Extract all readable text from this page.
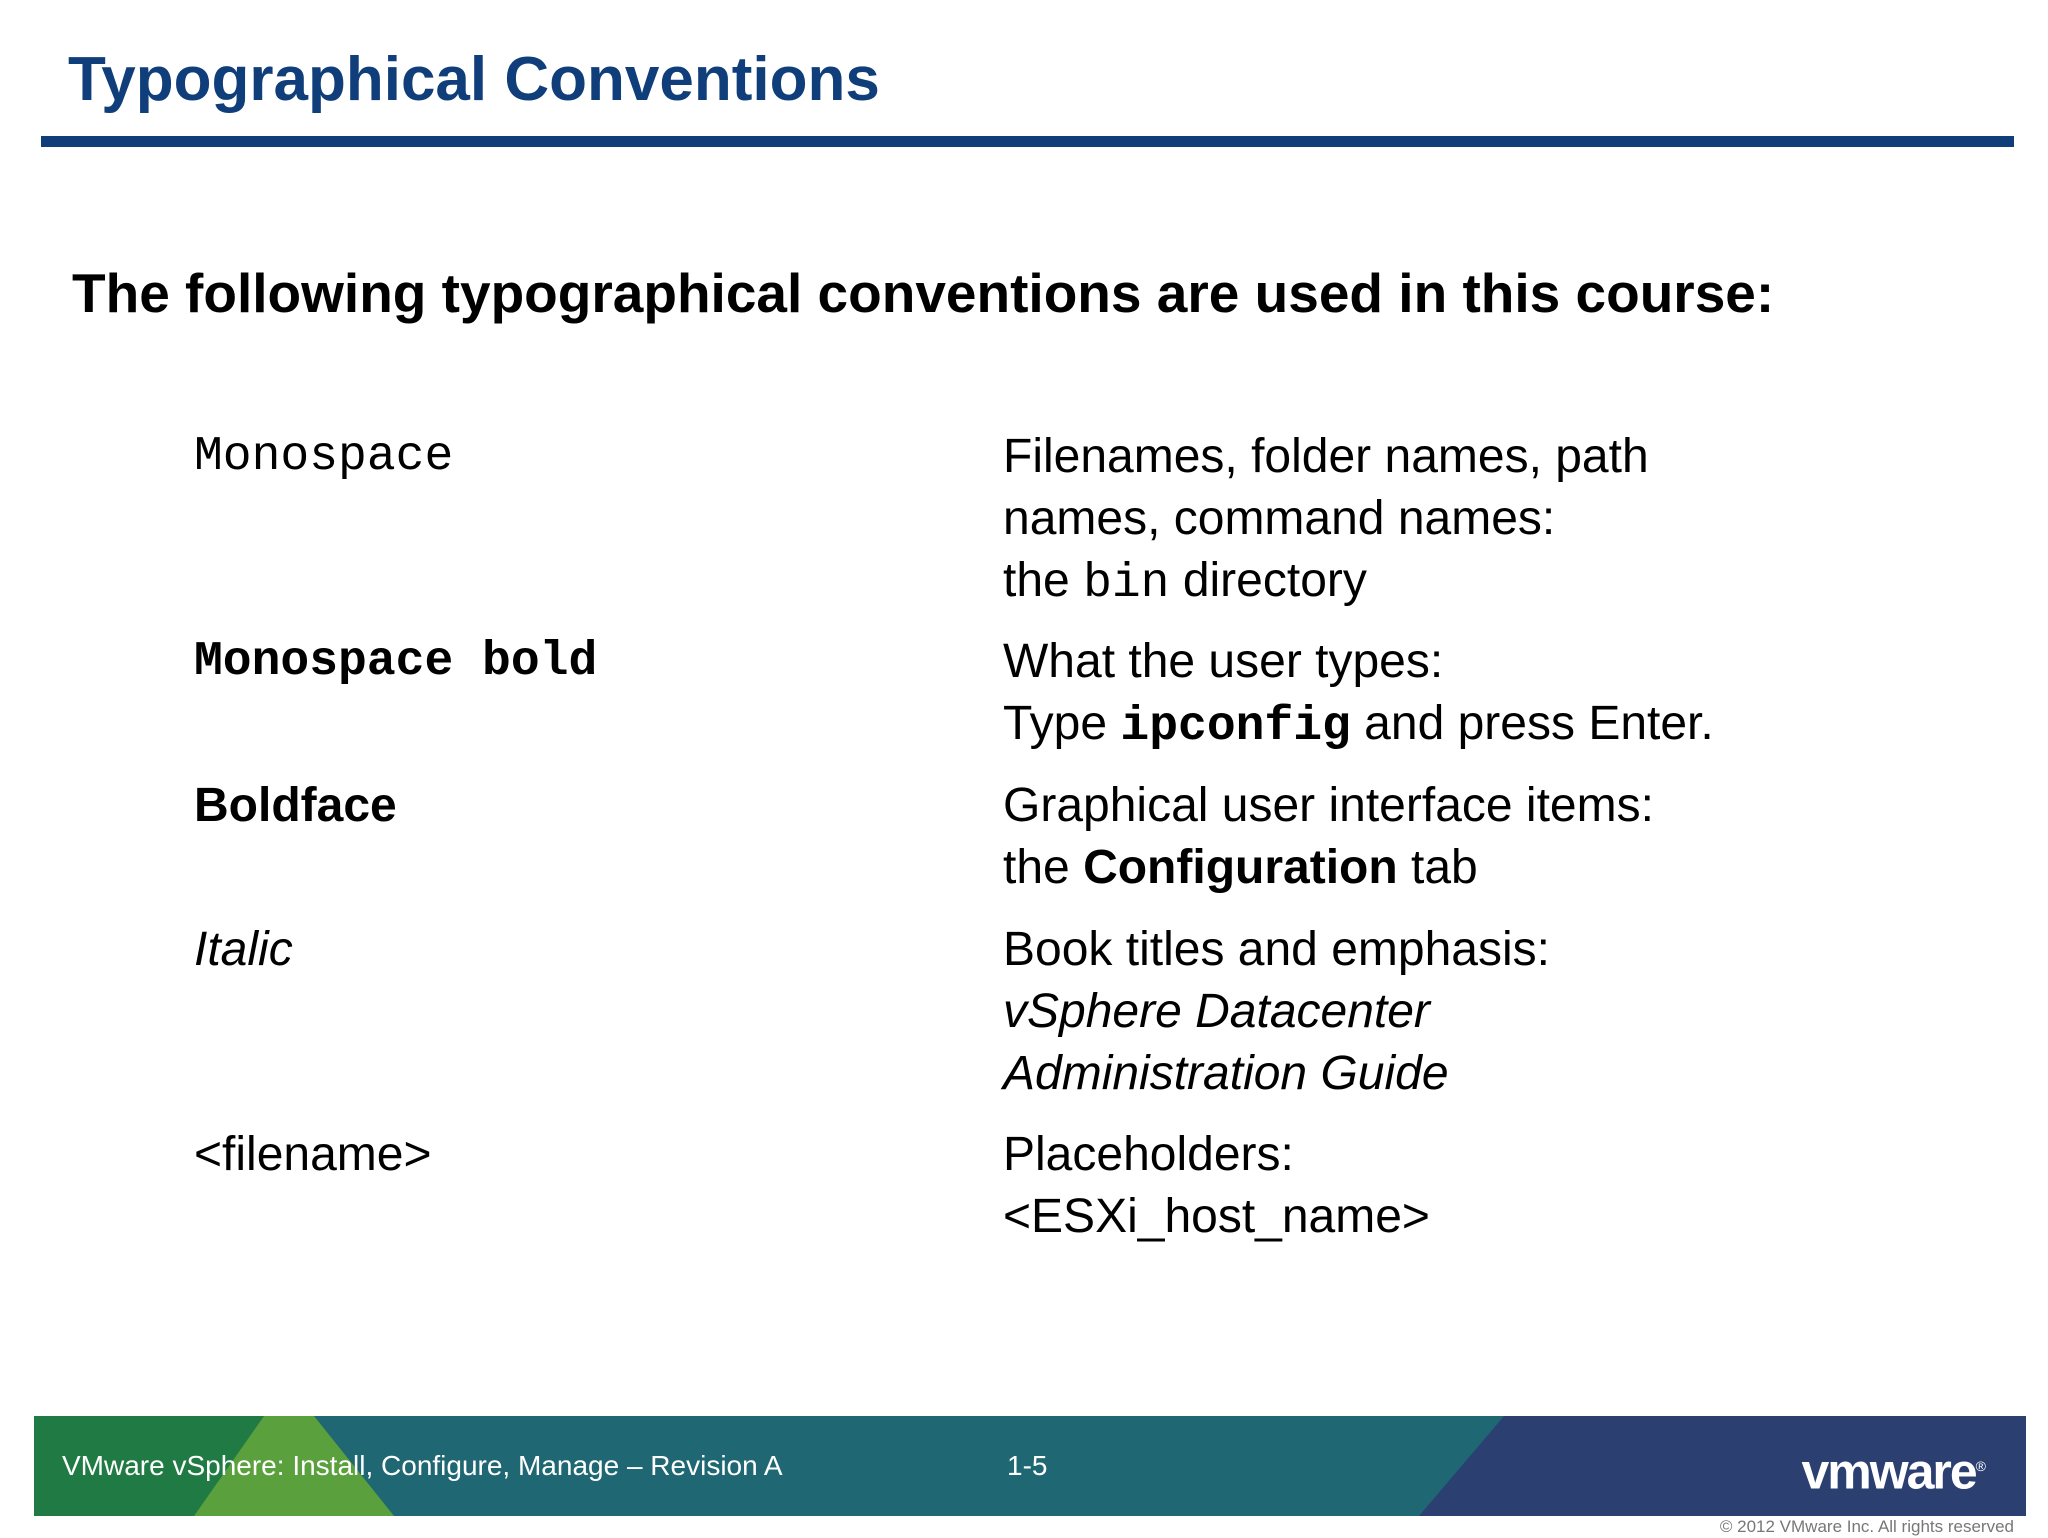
Typographical Conventions

The following typographical conventions are used in this course:

Monospace	Filenames, folder names, path
names, command names:
the bin directory
Monospace bold	What the user types:
Type ipconfig and press Enter.
Boldface	Graphical user interface items:
the Configuration tab
Italic	Book titles and emphasis:
vSphere Datacenter
Administration Guide
<filename>	Placeholders:
<ESXi_host_name>
VMware vSphere: Install, Configure, Manage – Revision A	1-5	vmware®
© 2012 VMware Inc. All rights reserved
